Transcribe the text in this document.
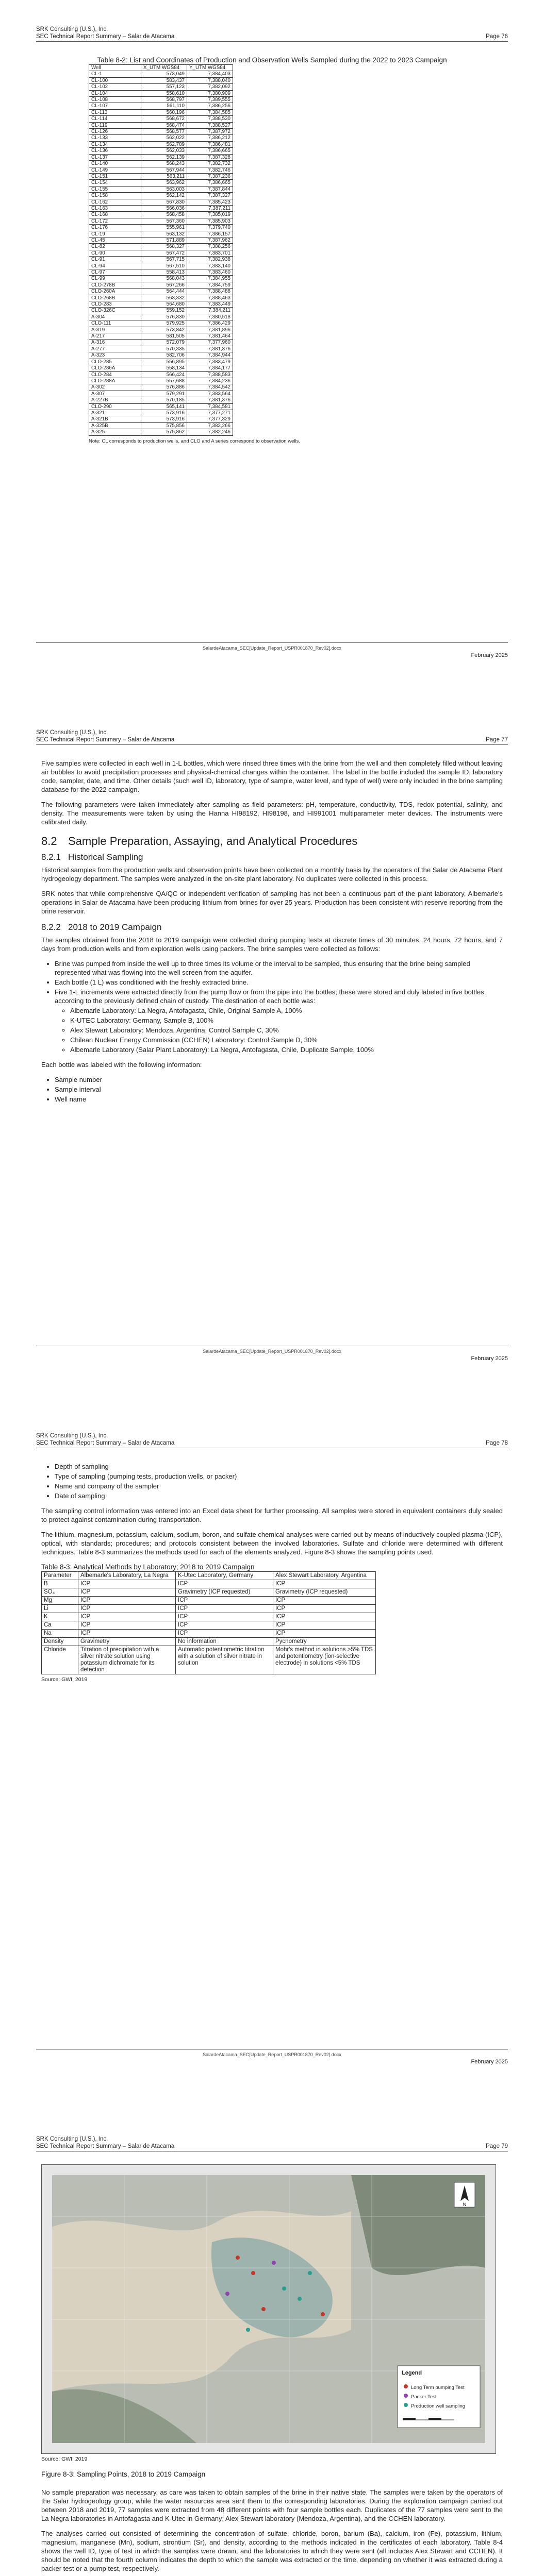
SRK Consulting (U.S.), Inc.
SEC Technical Report Summary – Salar de Atacama	Page 76
Table 8-2: List and Coordinates of Production and Observation Wells Sampled during the 2022 to 2023 Campaign
Well	X_UTM WGS84	Y_UTM WGS84
CL-1	573,049	7,384,403
CL-100	583,437	7,388,040
CL-102	557,123	7,382,092
CL-104	558,610	7,380,909
CL-108	568,797	7,389,555
CL-107	561,110	7,386,256
CL-113	560,196	7,384,585
CL-114	568,672	7,388,530
CL-119	568,474	7,388,527
CL-126	568,577	7,387,972
CL-133	562,022	7,386,212
CL-134	562,789	7,386,481
CL-136	562,033	7,386,665
CL-137	562,139	7,387,328
CL-140	568,243	7,382,732
CL-149	567,944	7,382,746
CL-151	563,211	7,387,236
CL-154	563,962	7,386,665
CL-155	563,003	7,387,844
CL-158	562,142	7,387,327
CL-162	567,830	7,385,423
CL-163	566,036	7,387,211
CL-168	568,458	7,385,019
CL-172	567,360	7,385,903
CL-176	555,961	7,379,740
CL-19	563,132	7,386,157
CL-45	571,889	7,387,962
CL-82	568,327	7,388,256
CL-90	567,472	7,383,701
CL-91	567,715	7,382,938
CL-94	567,510	7,383,140
CL-97	558,413	7,383,460
CL-99	568,043	7,384,955
CLO-278B	567,266	7,384,759
CLO-260A	564,444	7,388,488
CLO-268B	563,332	7,388,463
CLO-283	564,680	7,383,449
CLO-326C	559,152	7,384,211
A-304	576,830	7,380,518
CLO-111	579,925	7,386,429
A-319	573,842	7,381,896
A-217	581,505	7,381,464
A-316	572,079	7,377,960
A-277	570,335	7,381,376
A-323	582,706	7,384,944
CLO-285	556,895	7,383,479
CLO-286A	558,134	7,384,177
CLO-284	566,424	7,388,583
CLO-288A	557,688	7,384,236
A-302	576,886	7,384,542
A-307	579,291	7,383,564
A-227B	570,185	7,381,376
CLO-290	565,141	7,384,581
A-321	573,916	7,377,271
A-321B	573,916	7,377,329
A-325B	575,856	7,382,266
A-325	575,862	7,382,246
Note: CL corresponds to production wells, and CLO and A series correspond to observation wells.
SalardeAtacama_SEC[Update_Report_USPR001870_Rev02].docx
February 2025
SRK Consulting (U.S.), Inc.
SEC Technical Report Summary – Salar de Atacama	Page 77

Five samples were collected in each well in 1-L bottles, which were rinsed three times with the brine from the well and then completely filled without leaving air bubbles to avoid precipitation processes and physical-chemical changes within the container. The label in the bottle included the sample ID, laboratory code, sampler, date, and time. Other details (such well ID, laboratory, type of sample, water level, and type of well) were only included in the brine sampling database for the 2022 campaign.

The following parameters were taken immediately after sampling as field parameters: pH, temperature, conductivity, TDS, redox potential, salinity, and density. The measurements were taken by using the Hanna HI98192, HI98198, and HI991001 multiparameter meter devices. The instruments were calibrated daily.

8.2 Sample Preparation, Assaying, and Analytical Procedures
8.2.1 Historical Sampling

Historical samples from the production wells and observation points have been collected on a monthly basis by the operators of the Salar de Atacama Plant hydrogeology department. The samples were analyzed in the on-site plant laboratory. No duplicates were collected in this process.

SRK notes that while comprehensive QA/QC or independent verification of sampling has not been a continuous part of the plant laboratory, Albemarle's operations in Salar de Atacama have been producing lithium from brines for over 25 years. Production has been consistent with reserve reporting from the brine reservoir.

8.2.2 2018 to 2019 Campaign

The samples obtained from the 2018 to 2019 campaign were collected during pumping tests at discrete times of 30 minutes, 24 hours, 72 hours, and 7 days from production wells and from exploration wells using packers. The brine samples were collected as follows:

• Brine was pumped from inside the well up to three times its volume or the interval to be sampled, thus ensuring that the brine being sampled represented what was flowing into the well screen from the aquifer.
• Each bottle (1 L) was conditioned with the freshly extracted brine.
• Five 1-L increments were extracted directly from the pump flow or from the pipe into the bottles; these were stored and duly labeled in five bottles according to the previously defined chain of custody. The destination of each bottle was:
◦ Albemarle Laboratory: La Negra, Antofagasta, Chile, Original Sample A, 100%
◦ K-UTEC Laboratory: Germany, Sample B, 100%
◦ Alex Stewart Laboratory: Mendoza, Argentina, Control Sample C, 30%
◦ Chilean Nuclear Energy Commission (CCHEN) Laboratory: Control Sample D, 30%
◦ Albemarle Laboratory (Salar Plant Laboratory): La Negra, Antofagasta, Chile, Duplicate Sample, 100%

Each bottle was labeled with the following information:

• Sample number
• Sample interval
• Well name
SalardeAtacama_SEC[Update_Report_USPR001870_Rev02].docx
February 2025
SRK Consulting (U.S.), Inc.
SEC Technical Report Summary – Salar de Atacama	Page 78
• Depth of sampling
• Type of sampling (pumping tests, production wells, or packer)
• Name and company of the sampler
• Date of sampling

The sampling control information was entered into an Excel data sheet for further processing. All samples were stored in equivalent containers duly sealed to protect against contamination during transportation.

The lithium, magnesium, potassium, calcium, sodium, boron, and sulfate chemical analyses were carried out by means of inductively coupled plasma (ICP), optical, with standards; procedures; and protocols consistent between the involved laboratories. Sulfate and chloride were determined with different techniques. Table 8-3 summarizes the methods used for each of the elements analyzed. Figure 8-3 shows the sampling points used.

Table 8-3: Analytical Methods by Laboratory; 2018 to 2019 Campaign
Parameter	Albemarle's Laboratory, La Negra	K-Utec Laboratory, Germany	Alex Stewart Laboratory, Argentina
B	ICP	ICP	ICP
SO₄	ICP	Gravimetry (ICP requested)	Gravimetry (ICP requested)
Mg	ICP	ICP	ICP
Li	ICP	ICP	ICP
K	ICP	ICP	ICP
Ca	ICP	ICP	ICP
Na	ICP	ICP	ICP
Density	Gravimetry	No information	Pycnometry
Chloride	Titration of precipitation with a silver nitrate solution using potassium dichromate for its detection	Automatic potentiometric titration with a solution of silver nitrate in solution	Mohr's method in solutions >5% TDS and potentiometry (ion-selective electrode) in solutions <5% TDS
Source: GWI, 2019
SalardeAtacama_SEC[Update_Report_USPR001870_Rev02].docx
February 2025
SRK Consulting (U.S.), Inc.
SEC Technical Report Summary – Salar de Atacama	Page 79
N
Legend
Long Term pumping Test
Packer Test
Production well sampling
Source: GWI, 2019
Figure 8-3: Sampling Points, 2018 to 2019 Campaign

No sample preparation was necessary, as care was taken to obtain samples of the brine in their native state. The samples were taken by the operators of the Salar hydrogeology group, while the water resources area sent them to the corresponding laboratories. During the exploration campaign carried out between 2018 and 2019, 77 samples were extracted from 48 different points with four sample bottles each. Duplicates of the 77 samples were sent to the La Negra laboratories in Antofagasta and K-Utec in Germany; Alex Stewart laboratory (Mendoza, Argentina), and the CCHEN laboratory.

The analyses carried out consisted of determining the concentration of sulfate, chloride, boron, barium (Ba), calcium, iron (Fe), potassium, lithium, magnesium, manganese (Mn), sodium, strontium (Sr), and density, according to the methods indicated in the certificates of each laboratory. Table 8-4 shows the well ID, type of test in which the samples were drawn, and the laboratories to which they were sent (all includes Alex Stewart and CCHEN). It should be noted that the fourth column indicates the depth to which the sample was extracted or the time, depending on whether it was extracted during a packer test or a pump test, respectively.
